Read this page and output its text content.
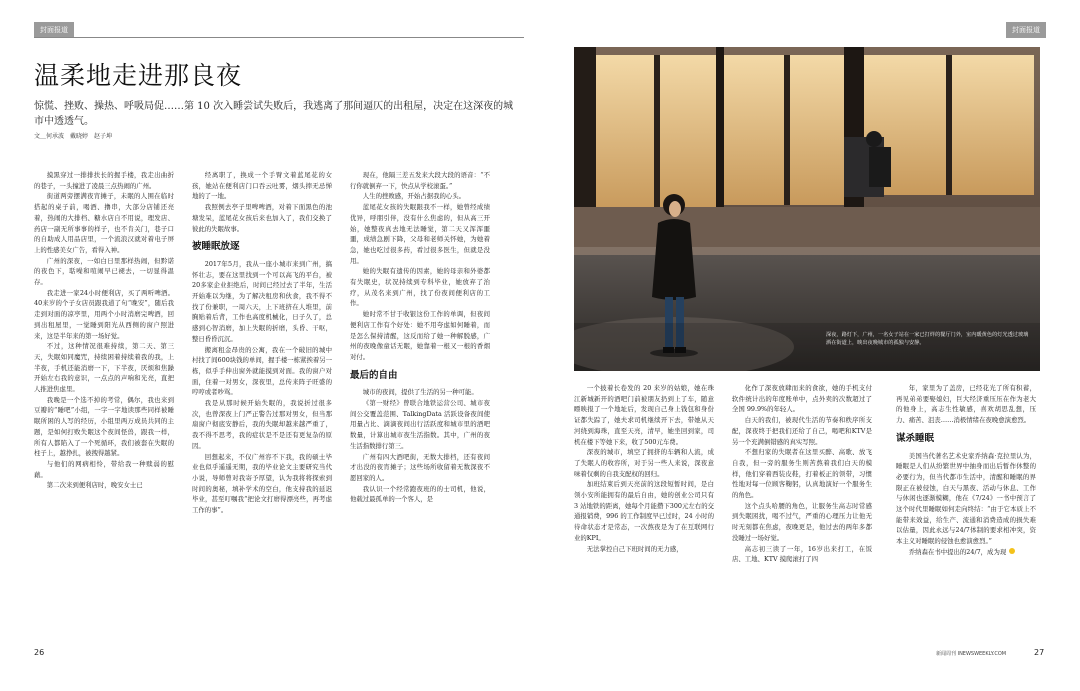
封面报道
温柔地走进那良夜
惊慌、挫败、操热、呼吸局促……第 10 次入睡尝试失败后，我逃离了那间逼仄的出租屋，决定在这深夜的城市中透透气。
文＿何承波　戴晓婷　赵子坤

摸黑穿过一排排扶长的握手楼，我走出曲折的巷子，一头撞进了凌晨三点热闹的广州。

街道两旁摆满夜宵摊子，未眠的人围在临时搭起的桌子前，喝酒、撸串，大部分店铺还亮着，热闹的大排档、糖水店自不用说，理发店、药店一副无所事事的样子，也不肯关门，巷子口的自助成人用品店里，一个流浪汉就对着电子屏上的性感美女广告，看得入神。

广州的深夜，一如白日里那样热闹，但黔诺的夜色下，聒噪和喧闹早已褪去，一切显得温存。

我走进一家24小时便利店，买了两听啤酒。40来岁的个子女店员跟我道了句“晚安”，随后我走到对面的凉亭里，用两个小时消磨完啤酒，回到出租屋里，一觉睡到阳光从西侧的窗户照进来，这是半年来的第一场好觉。

不过，这种情况很难持续，第二天、第三天，失眠如同魔咒，持续困着持续着我的我，上半夜，手机还能消磨一下，下半夜，厌烦和焦躁开始左右我的意识，一点点的声响和光亮，直把人推进焦虑里。

我晚是一个选不掉的考常，偶尔，我也来到豆瓣的“睡吧”小组，一字一字地读那些同样被睡眠所困的人写的经历，小组里两万成员共同的主题，是如何打败失眠这个夜间怪兽，跟我一样，所有人都陷入了一个死循环，我们被套在失眠的柱子上，越挣扎，被拽得越紧。

与他们的网病相怜，带给我一种赎弱的慰藉。

第二次来到便利店时，晚安女士已

经离职了，换成一个手臂文着蓝尾花的女孩，她站在便利店门口吞云吐雾，烟头摔无忌惮地的了一地。

我照例去亭子里啤啤酒，对着下面黑色的池塘发呆，蓝尾花女孩后来也加入了，我们交换了彼此的失眠故事。

被睡眠放逐

2017年5月，我从一座小城市来到广州，搞怀壮志，要在这里找到一个可以高飞的平台，被20多家企业拒绝后，时间已经过去了半年，生活开始难以为继，为了解决租房和伙食，我不得不找了份兼职，一周六天，上下班挤在人堆里，前胸贴着后背，工作也高度机械化，日子久了，总感到心智消磨，加上失眠的折磨，头昏、干呕，整日昏昏沉沉。

搬离租金昂贵的公寓，我在一个破旧的城中村找了间600块钱的单间，握手楼一栋紧挨着另一栋，似乎手伸出窗外就能摸到对面。我的窗户对面，住着一对男女，深夜里，总传来阵子旺盛的哼哼或者吵骂。

我是从那时候开始失眠的，我说折过很多次，也曾深夜上门严正警告过那对男女，但当那扇窗户彻底安静后，我的失眠却越来越严重了，我不得不思考，我的症状是不是还有更复杂的原因。

回想起来，不仅广州容不下我，我的硕士毕业也似乎遥遥无期，我的毕业论文主要研究当代小说，导师曾对我寄予厚望，认为我将将探索到时间的奥秘，填补学术的空白，他支持我的延迟毕业，甚至叮嘱我“把论文打磨得漂亮些，再考虑工作的事”。

现在，他隔三差五发来大段大段的语音：“不行你就倒弃一下，快点从学校滚蛋。”

人生的挫败感，开始占据我的心头。

蓝尾花女孩的失眠跟我不一样，她曾经成绩优异，呼朋引伴，没有什么焦虑的，但从高三开始，她整夜真去地无法睡觉，第二天又浑浑噩噩，成绩急剧下降，父母和老师关怀她，为她着急，她也吃过很多药，看过很多医生，但就是没用。

她的失眠有遗传的因素，她的母亲和外婆都有失眠史，状况持续到专科毕业，她放弃了治疗，从茂名来到广州，找了份夜间便利店的工作。

她时常不甘于收银这份工作的单调，但夜间便利店工作有个好处：她不用夸虑如何睡着，而是怎么保持清醒，这反而给了她一种解脱感，广州的夜晚像童话无眠，她靠着一根又一根的香烟对付。

最后的自由

城市的夜间，提供了生活的另一种可能。

《第一财经》曾联合地铁运营公司、城市夜间公交覆盖范围、TalkingData 活跃设备夜间使用量占比、滴滴夜间出行活跃度和城市里的酒吧数量，计算出城市夜生活指数。其中，广州的夜生活指数排行第三。

广州有四大酒吧街，无数大排档，还有夜间才出没的夜宵摊子；这些场所收留着无数深夜不愿回家的人。

我认识一个经常跑夜班的的士司机，他说，他载过最孤单的一个客人，是

26
封面报道
深夜，路灯下，广州，一名女子站在一家已打烊的餐厅门外，室内暖黄色的灯光透过玻璃洒在街道上，映出夜晚城市的孤独与安静。

一个披着长卷发的 20 来岁的姑娘，她在珠江新城新开的酒吧门前被朋友扔到上了车，随意瞟映报了一个地址后，发现自己身上钱包和身份证都失踪了，她夫求司机继续开下去，带她从天河绕到海珠，直至天亮，清早，她坐回到家，司机在楼下等她下来，收了500元车费。

深夜的城市，填空了拥挤的车辆和人流，成了失眠人的收容所，对于另一些人来说，深夜意味着仅剩的自我支配权的回归。

加班结束后到天亮前的这段短暂时间，是白领小安所能拥有的最后自由，她的创业公司只有 3 站地铁的距离，她每个月能攒下300元左右的交通报销费，996 的工作制度早已过时，24 小时的待命状态才是常态，一次熬夜是为了在互联网行业的KPI。

无法掌控自己下班时间的无力感，

化作了深夜放肆而来的食欲，她的手机支付软件统计出的年度账单中，点外卖的次数超过了全国 99.9%的年轻人。

白天的我们，被现代生活的节奏和秩序所支配，深夜终于把我们还给了自己，喝吧和KTV是另一个充满倒错感的真实写照。

不想归家的失眠者在这里买醉、高歌、放飞自我，但一旁的服务生则苦熬着我们白天的模样，他们穿着西装皮鞋，打着板正的领带，习惯性地对每一位顾客鞠躬，认真地演好一个服务生的角色。

这个点头哈腰的角色，让服务生高志时常感到失眠困扰，喝不过气，严重的心理压力让他无时无刻都在焦虑，夜晚更是，他过去的两年多都没睡过一场好觉。

高志初三读了一年，16岁出来打工，在饭店、工地、KTV 摸爬滚打了四

年，家里为了盖房，已经花光了所有积蓄，再见弟弟要娶媳妇，巨大经济重压压在作为老大的他身上，高志生性敏感，喜欢胡思乱想，压力、痛苦、沮丧……消极情绪在夜晚愈演愈烈。

谋杀睡眠

美国当代著名艺术史家乔纳森·克拉里认为，睡眠是人们从纷繁世界中抽身而出后暂作休整的必要行为，但当代都市生活中，清醒和睡眠的界限正在被侵蚀，白天与黑夜、活动与休息、工作与休闲也逐渐模糊，他在《7/24》一书中预言了这个时代里睡眠如何走向终结：“由于它本质上不能带来效益，给生产、流通和消费造成的损失难以估量，因此永远与24/7体制的要求相冲突，资本主义对睡眠的侵蚀也愈演愈烈。”

乔纳森在书中提出的24/7，成为现

新闻周刊 INEWSWEEKLY.COM	27
